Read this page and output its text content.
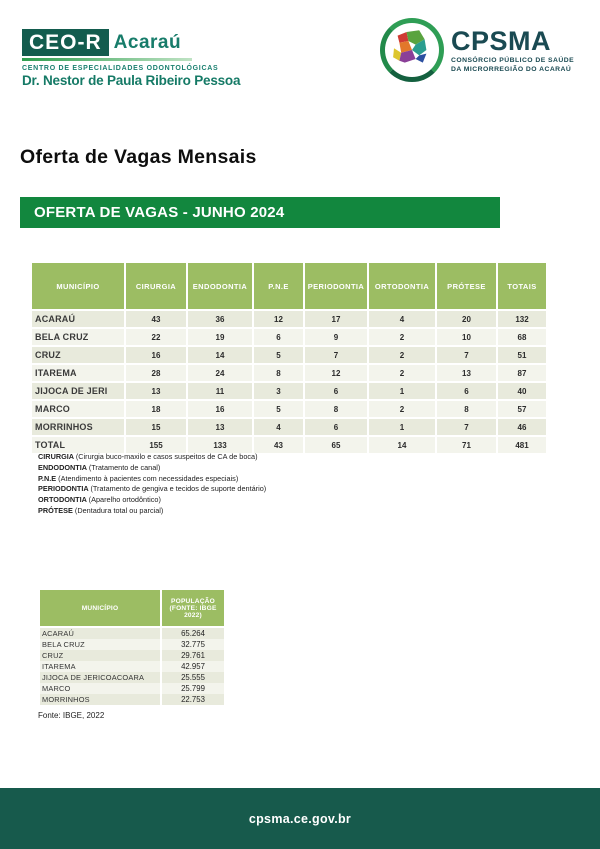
CEO-R Acaraú
CENTRO DE ESPECIALIDADES ODONTOLÓGICAS
Dr. Nestor de Paula Ribeiro Pessoa
CPSMA
CONSÓRCIO PÚBLICO DE SAÚDE
DA MICRORREGIÃO DO ACARAÚ
Oferta de Vagas Mensais
OFERTA DE VAGAS - JUNHO 2024
MUNICÍPIO	CIRURGIA	ENDODONTIA	P.N.E	PERIODONTIA	ORTODONTIA	PRÓTESE	TOTAIS
ACARAÚ	43	36	12	17	4	20	132
BELA CRUZ	22	19	6	9	2	10	68
CRUZ	16	14	5	7	2	7	51
ITAREMA	28	24	8	12	2	13	87
JIJOCA DE JERI	13	11	3	6	1	6	40
MARCO	18	16	5	8	2	8	57
MORRINHOS	15	13	4	6	1	7	46
TOTAL	155	133	43	65	14	71	481
CIRURGIA (Cirurgia buco-maxilo e casos suspeitos de CA de boca)
ENDODONTIA (Tratamento de canal)
P.N.E (Atendimento à pacientes com necessidades especiais)
PERIODONTIA (Tratamento de gengiva e tecidos de suporte dentário)
ORTODONTIA (Aparelho ortodôntico)
PRÓTESE (Dentadura total ou parcial)
MUNICÍPIO	POPULAÇÃO (FONTE: IBGE 2022)
ACARAÚ	65.264
BELA CRUZ	32.775
CRUZ	29.761
ITAREMA	42.957
JIJOCA DE JERICOACOARA	25.555
MARCO	25.799
MORRINHOS	22.753
Fonte: IBGE, 2022
cpsma.ce.gov.br
